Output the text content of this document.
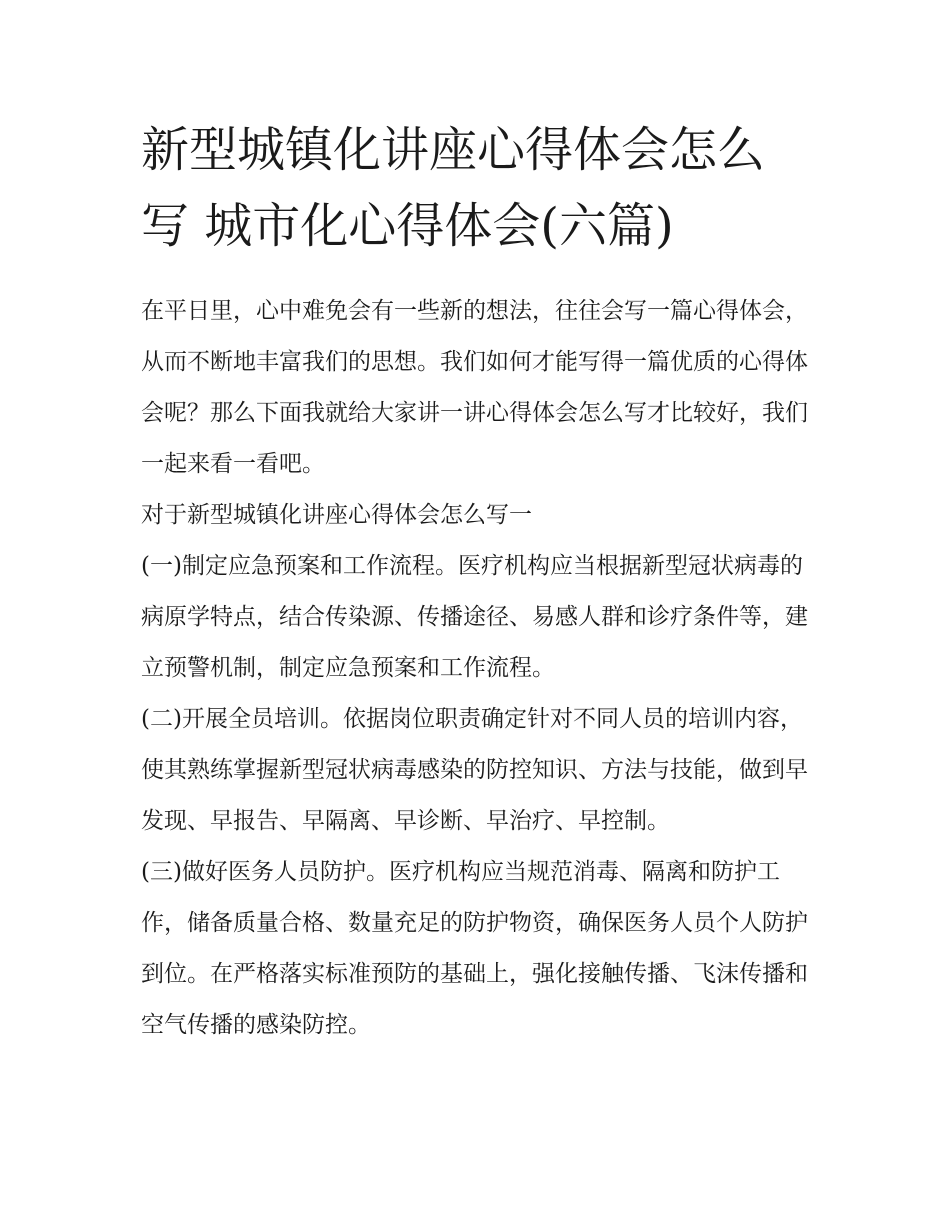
新型城镇化讲座心得体会怎么
写 城市化心得体会(六篇)

在平日里，心中难免会有一些新的想法，往往会写一篇心得体会，从而不断地丰富我们的思想。我们如何才能写得一篇优质的心得体会呢？那么下面我就给大家讲一讲心得体会怎么写才比较好，我们一起来看一看吧。

对于新型城镇化讲座心得体会怎么写一

(一)制定应急预案和工作流程。医疗机构应当根据新型冠状病毒的病原学特点，结合传染源、传播途径、易感人群和诊疗条件等，建立预警机制，制定应急预案和工作流程。

(二)开展全员培训。依据岗位职责确定针对不同人员的培训内容，使其熟练掌握新型冠状病毒感染的防控知识、方法与技能，做到早发现、早报告、早隔离、早诊断、早治疗、早控制。

(三)做好医务人员防护。医疗机构应当规范消毒、隔离和防护工作，储备质量合格、数量充足的防护物资，确保医务人员个人防护到位。在严格落实标准预防的基础上，强化接触传播、飞沫传播和空气传播的感染防控。
